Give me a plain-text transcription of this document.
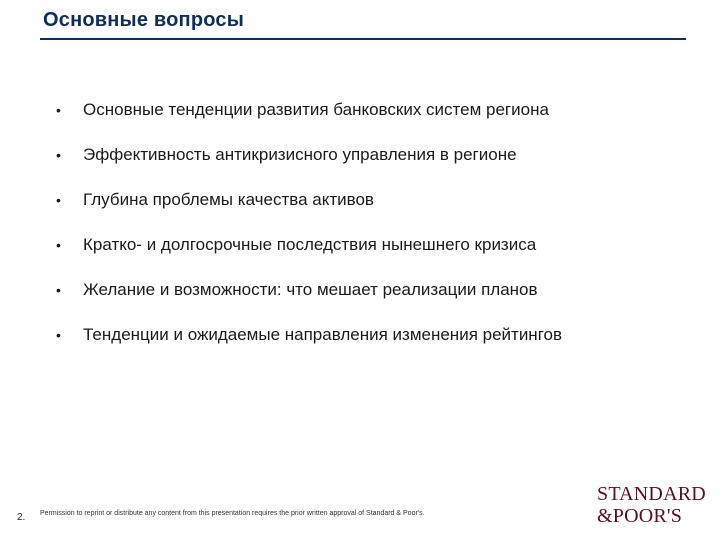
Основные вопросы
• Основные тенденции развития банковских систем региона
• Эффективность антикризисного управления в регионе
• Глубина проблемы качества активов
• Кратко- и долгосрочные последствия нынешнего кризиса
• Желание и возможности: что мешает реализации планов
• Тенденции и ожидаемые направления изменения рейтингов
2. Permission to reprint or distribute any content from this presentation requires the prior written approval of Standard & Poor's.
STANDARD
&POOR'S
